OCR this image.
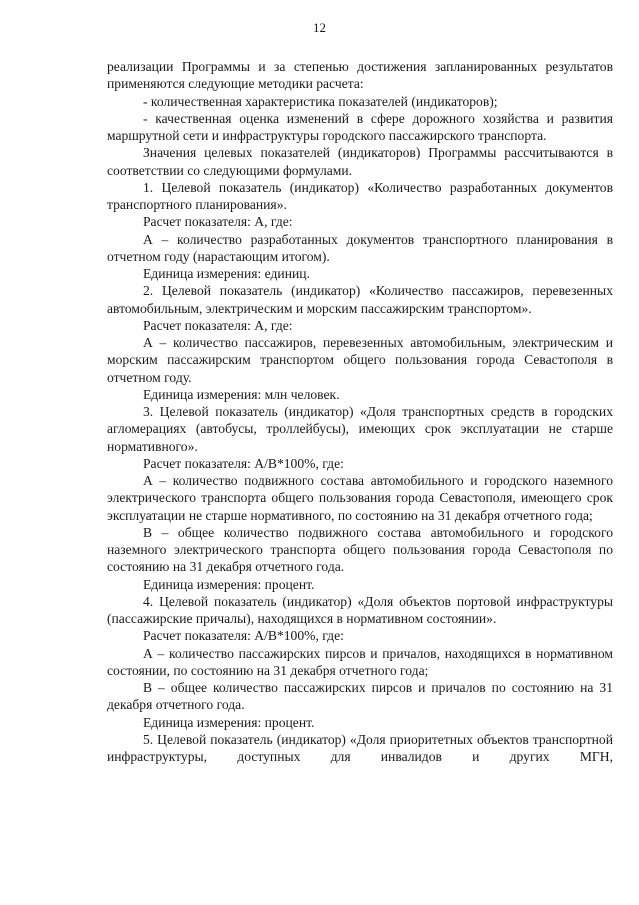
12

реализации Программы и за степенью достижения запланированных результатов применяются следующие методики расчета:

- количественная характеристика показателей (индикаторов);

- качественная оценка изменений в сфере дорожного хозяйства и развития маршрутной сети и инфраструктуры городского пассажирского транспорта.

Значения целевых показателей (индикаторов) Программы рассчитываются в соответствии со следующими формулами.

1. Целевой показатель (индикатор) «Количество разработанных документов транспортного планирования».

Расчет показателя: А, где:

А – количество разработанных документов транспортного планирования в отчетном году (нарастающим итогом).

Единица измерения: единиц.

2. Целевой показатель (индикатор) «Количество пассажиров, перевезенных автомобильным, электрическим и морским пассажирским транспортом».

Расчет показателя: А, где:

А – количество пассажиров, перевезенных автомобильным, электрическим и морским пассажирским транспортом общего пользования города Севастополя в отчетном году.

Единица измерения: млн человек.

3. Целевой показатель (индикатор) «Доля транспортных средств в городских агломерациях (автобусы, троллейбусы), имеющих срок эксплуатации не старше нормативного».

Расчет показателя: А/В*100%, где:

А – количество подвижного состава автомобильного и городского наземного электрического транспорта общего пользования города Севастополя, имеющего срок эксплуатации не старше нормативного, по состоянию на 31 декабря отчетного года;

В – общее количество подвижного состава автомобильного и городского наземного электрического транспорта общего пользования города Севастополя по состоянию на 31 декабря отчетного года.

Единица измерения: процент.

4. Целевой показатель (индикатор) «Доля объектов портовой инфраструктуры (пассажирские причалы), находящихся в нормативном состоянии».

Расчет показателя: А/В*100%, где:

А – количество пассажирских пирсов и причалов, находящихся в нормативном состоянии, по состоянию на 31 декабря отчетного года;

В – общее количество пассажирских пирсов и причалов по состоянию на 31 декабря отчетного года.

Единица измерения: процент.

5. Целевой показатель (индикатор) «Доля приоритетных объектов транспортной инфраструктуры, доступных для инвалидов и других МГН,
